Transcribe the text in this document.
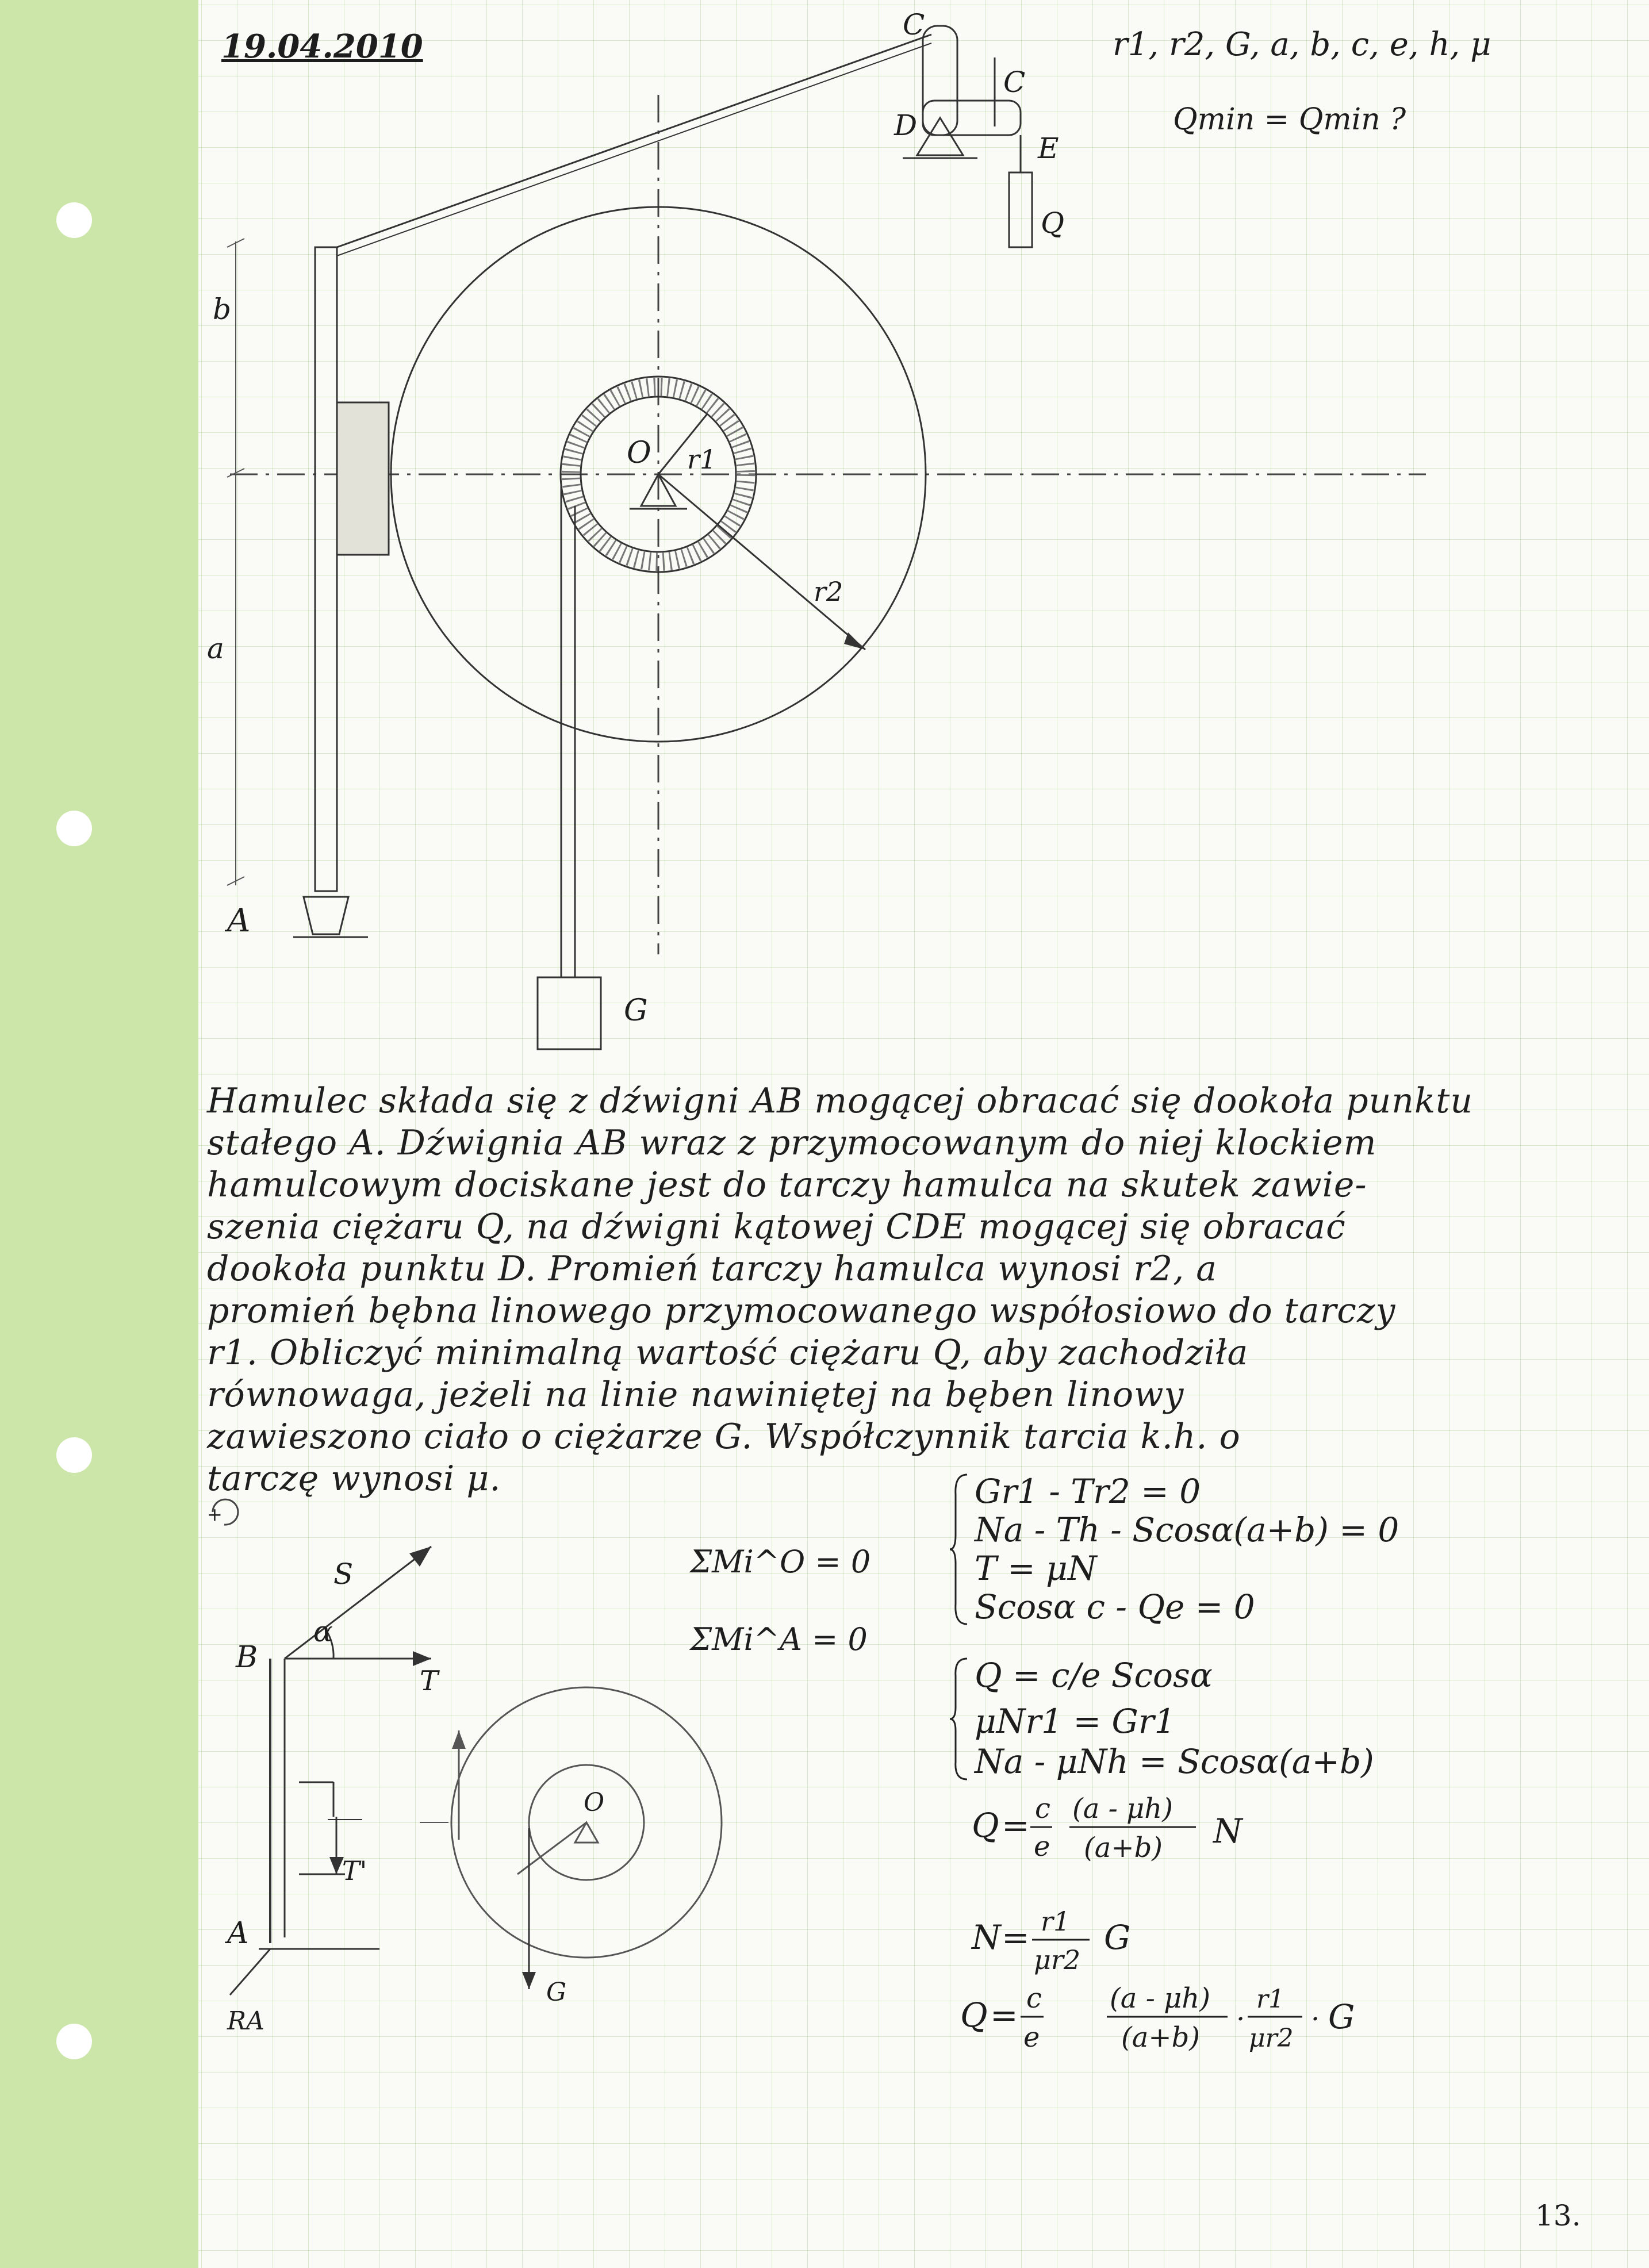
19.04.2010	r1, r2, G, a, b, c, e, h, μ
Qmin = Qmin ?
C
C
D
E
Q
b
O r1
r2
a
A
G
Hamulec składa się z dźwigni AB mogącej obracać się dookoła punktu
stałego A. Dźwignia AB wraz z przymocowanym do niej klockiem
hamulcowym dociskane jest do tarczy hamulca na skutek zawie-
szenia ciężaru Q, na dźwigni kątowej CDE mogącej się obracać
dookoła punktu D. Promień tarczy hamulca wynosi r2, a
promień bębna linowego przymocowanego współosiowo do tarczy
r1. Obliczyć minimalną wartość ciężaru Q, aby zachodziła
równowaga, jeżeli na linie nawiniętej na bęben linowy
zawieszono ciało o ciężarze G. Współczynnik tarcia k.h. o
tarczę wynosi μ.
+
S
α
B
T
T'
A
RA
O
G
ΣMi^O = 0
ΣMi^A = 0
Gr1 - Tr2 = 0
Na - Th - Scosα(a+b) = 0
T = μN
Scosα c - Qe = 0
Q = c/e Scosα
μNr1 = Gr1
Na - μNh = Scosα(a+b)
Q = c
e
(a - μh)
(a+b) N
N = r1
μr2
G
Q = c
e
(a - μh)
(a+b)
·
r1
μr2
· G
13.
